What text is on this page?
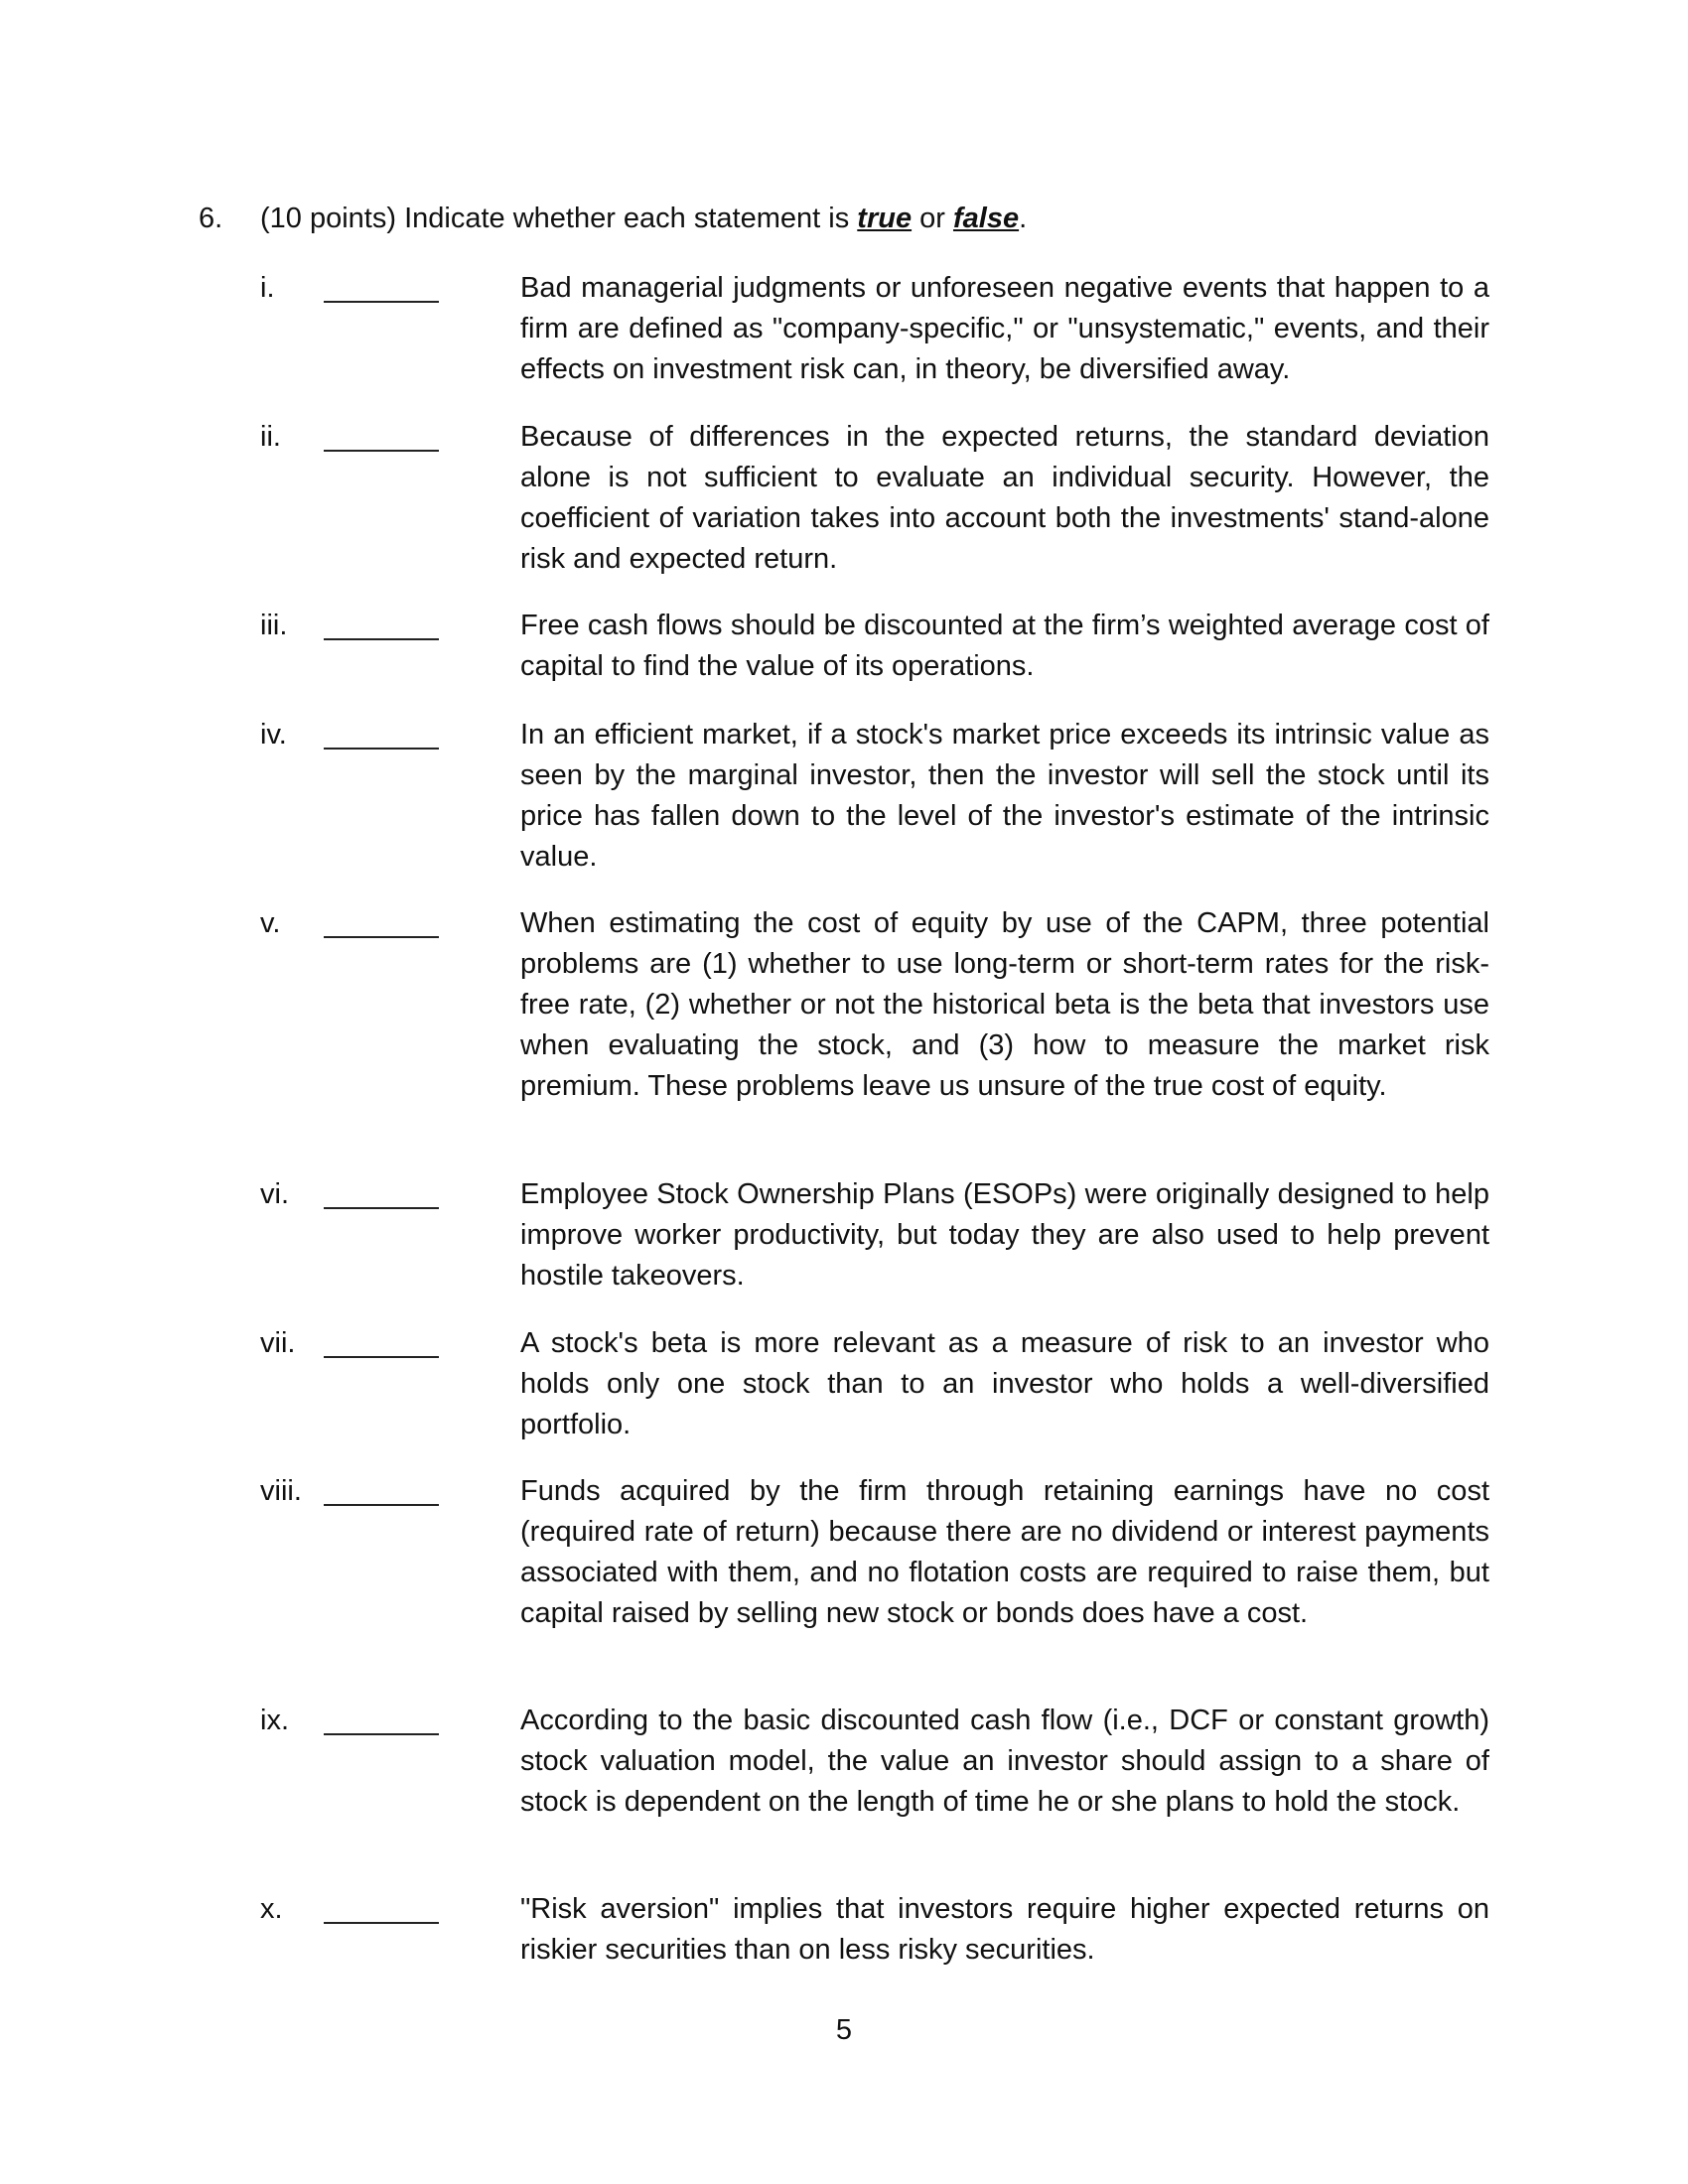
6. (10 points) Indicate whether each statement is true or false.
i.	Bad managerial judgments or unforeseen negative events that happen to a firm are defined as "company-specific," or "unsystematic," events, and their effects on investment risk can, in theory, be diversified away.
ii.	Because of differences in the expected returns, the standard deviation alone is not sufficient to evaluate an individual security. However, the coefficient of variation takes into account both the investments' stand-alone risk and expected return.
iii.	Free cash flows should be discounted at the firm’s weighted average cost of capital to find the value of its operations.
iv.	In an efficient market, if a stock's market price exceeds its intrinsic value as seen by the marginal investor, then the investor will sell the stock until its price has fallen down to the level of the investor's estimate of the intrinsic value.
v.	When estimating the cost of equity by use of the CAPM, three potential problems are (1) whether to use long-term or short-term rates for the risk-free rate, (2) whether or not the historical beta is the beta that investors use when evaluating the stock, and (3) how to measure the market risk premium. These problems leave us unsure of the true cost of equity.
vi.	Employee Stock Ownership Plans (ESOPs) were originally designed to help improve worker productivity, but today they are also used to help prevent hostile takeovers.
vii.	A stock's beta is more relevant as a measure of risk to an investor who holds only one stock than to an investor who holds a well-diversified portfolio.
viii.	Funds acquired by the firm through retaining earnings have no cost (required rate of return) because there are no dividend or interest payments associated with them, and no flotation costs are required to raise them, but capital raised by selling new stock or bonds does have a cost.
ix.	According to the basic discounted cash flow (i.e., DCF or constant growth) stock valuation model, the value an investor should assign to a share of stock is dependent on the length of time he or she plans to hold the stock.
x.	"Risk aversion" implies that investors require higher expected returns on riskier securities than on less risky securities.
5
